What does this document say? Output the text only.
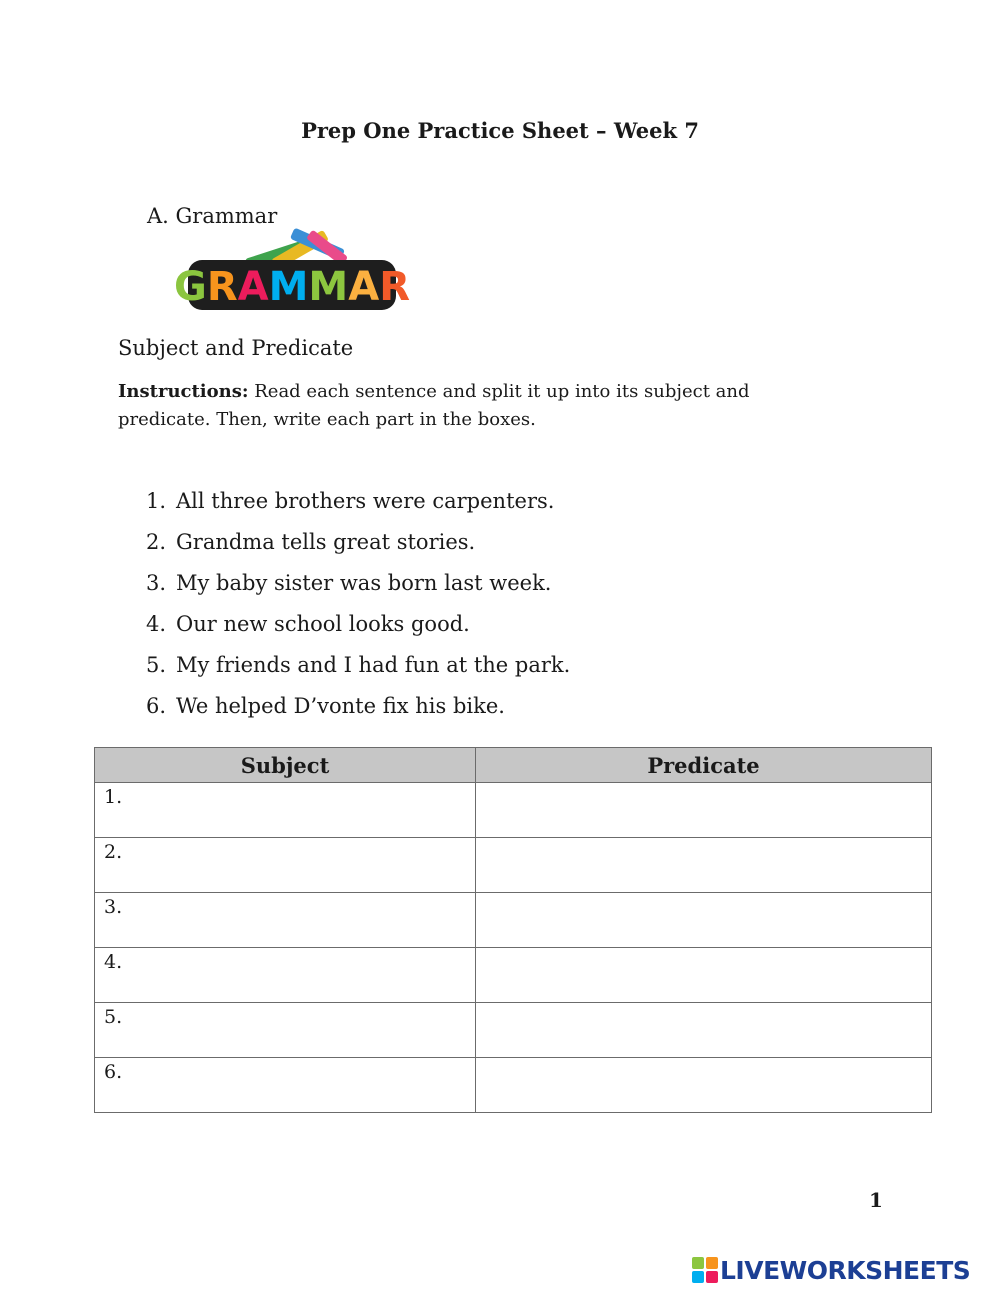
Prep One Practice Sheet – Week 7
A. Grammar
GRAMMAR
Subject and Predicate
Instructions: Read each sentence and split it up into its subject and predicate. Then, write each part in the boxes.
1. All three brothers were carpenters.
2. Grandma tells great stories.
3. My baby sister was born last week.
4. Our new school looks good.
5. My friends and I had fun at the park.
6. We helped D’vonte fix his bike.
Subject	Predicate
1.	
2.	
3.	
4.	
5.	
6.	
1
LIVEWORKSHEETS
